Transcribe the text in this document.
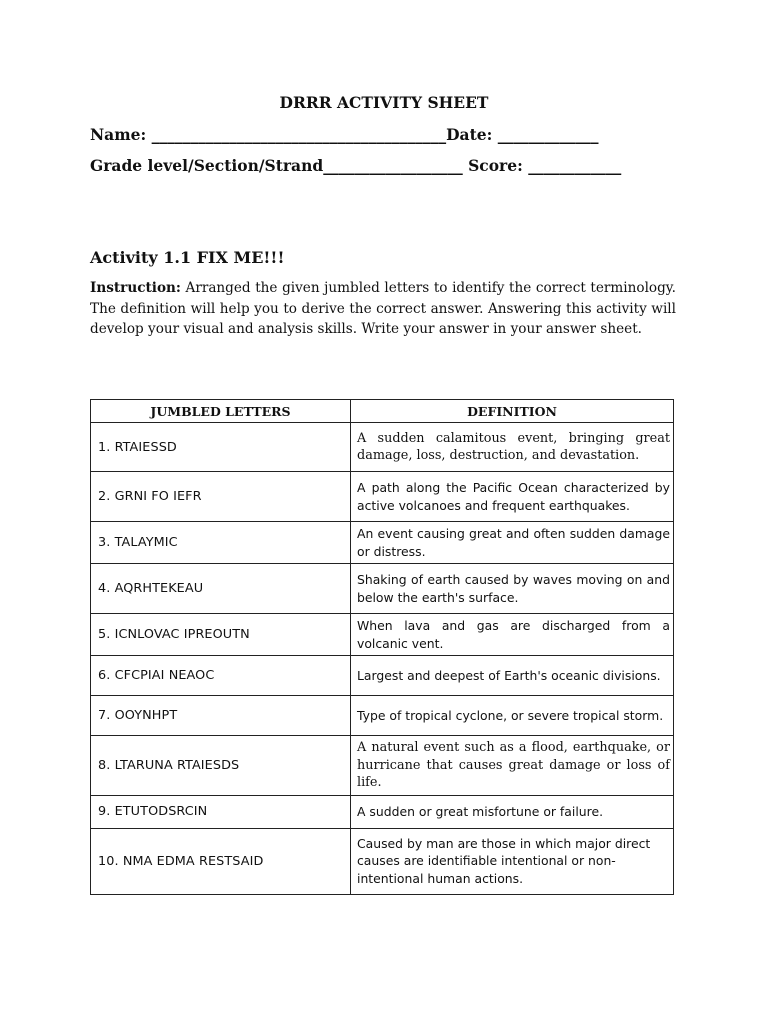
DRRR ACTIVITY SHEET
Name: ______________________________________Date: _____________
Grade level/Section/Strand__________________ Score: ____________
Activity 1.1 FIX ME!!!
Instruction: Arranged the given jumbled letters to identify the correct terminology. The definition will help you to derive the correct answer. Answering this activity will develop your visual and analysis skills. Write your answer in your answer sheet.
JUMBLED LETTERS	DEFINITION
1. RTAIESSD	A sudden calamitous event, bringing great damage, loss, destruction, and devastation.
2. GRNI FO IEFR	A path along the Pacific Ocean characterized by active volcanoes and frequent earthquakes.
3. TALAYMIC	An event causing great and often sudden damage or distress.
4. AQRHTEKEAU	Shaking of earth caused by waves moving on and below the earth's surface.
5. ICNLOVAC IPREOUTN	When lava and gas are discharged from a volcanic vent.
6. CFCPIAI NEAOC	Largest and deepest of Earth's oceanic divisions.
7. OOYNHPT	Type of tropical cyclone, or severe tropical storm.
8. LTARUNA RTAIESDS	A natural event such as a flood, earthquake, or hurricane that causes great damage or loss of life.
9. ETUTODSRCIN	A sudden or great misfortune or failure.
10. NMA EDMA RESTSAID	Caused by man are those in which major direct causes are identifiable intentional or non-intentional human actions.
